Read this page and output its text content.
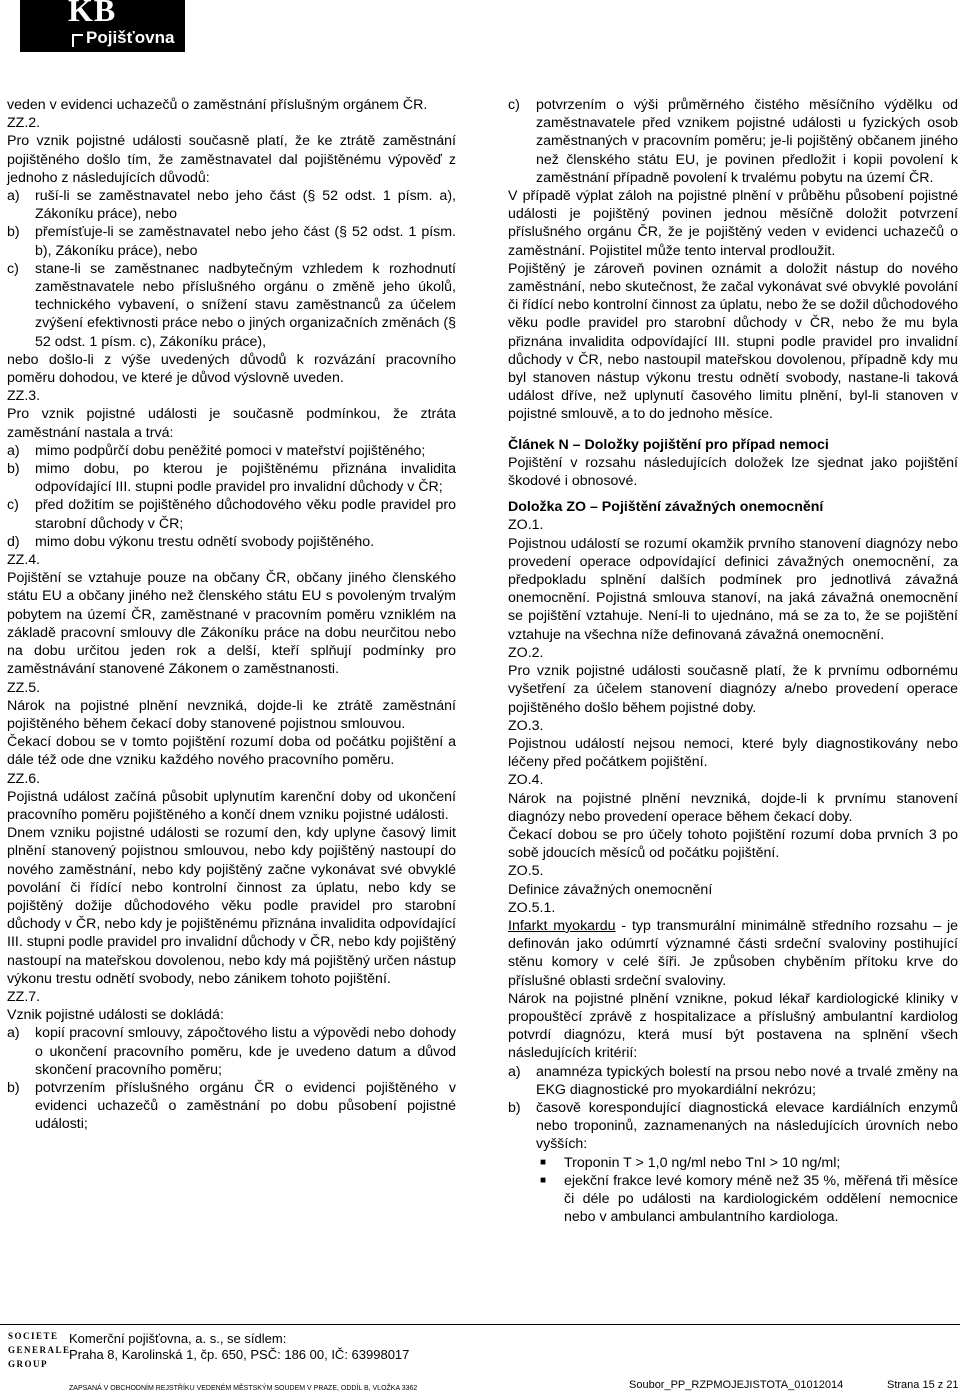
KB
Pojišťovna

veden v evidenci uchazečů o zaměstnání příslušným orgánem ČR.

ZZ.2.

Pro vznik pojistné události současně platí, že ke ztrátě zaměstnání pojištěného došlo tím, že zaměstnavatel dal pojištěnému výpověď z jednoho z následujících důvodů:

a)	ruší-li se zaměstnavatel nebo jeho část (§ 52 odst. 1 písm. a), Zákoníku práce), nebo
b)	přemísťuje-li se zaměstnavatel nebo jeho část (§ 52 odst. 1 písm. b), Zákoníku práce), nebo
c)	stane-li se zaměstnanec nadbytečným vzhledem k rozhodnutí zaměstnavatele nebo příslušného orgánu o změně jeho úkolů, technického vybavení, o snížení stavu zaměstnanců za účelem zvýšení efektivnosti práce nebo o jiných organizačních změnách (§ 52 odst. 1 písm. c), Zákoníku práce),

nebo došlo-li z výše uvedených důvodů k rozvázání pracovního poměru dohodou, ve které je důvod výslovně uveden.

ZZ.3.

Pro vznik pojistné události je současně podmínkou, že ztráta zaměstnání nastala a trvá:

a)	mimo podpůrčí dobu peněžité pomoci v mateřství pojištěného;
b)	mimo dobu, po kterou je pojištěnému přiznána invalidita odpovídající III. stupni podle pravidel pro invalidní důchody v ČR;
c)	před dožitím se pojištěného důchodového věku podle pravidel pro starobní důchody v ČR;
d)	mimo dobu výkonu trestu odnětí svobody pojištěného.

ZZ.4.

Pojištění se vztahuje pouze na občany ČR, občany jiného členského státu EU a občany jiného než členského státu EU s povoleným trvalým pobytem na území ČR, zaměstnané v pracovním poměru vzniklém na základě pracovní smlouvy dle Zákoníku práce na dobu neurčitou nebo na dobu určitou jeden rok a delší, kteří splňují podmínky pro zaměstnávání stanovené Zákonem o zaměstnanosti.

ZZ.5.

Nárok na pojistné plnění nevzniká, dojde-li ke ztrátě zaměstnání pojištěného během čekací doby stanovené pojistnou smlouvou.

Čekací dobou se v tomto pojištění rozumí doba od počátku pojištění a dále též ode dne vzniku každého nového pracovního poměru.

ZZ.6.

Pojistná událost začíná působit uplynutím karenční doby od ukončení pracovního poměru pojištěného a končí dnem vzniku pojistné události.

Dnem vzniku pojistné události se rozumí den, kdy uplyne časový limit plnění stanovený pojistnou smlouvou, nebo kdy pojištěný nastoupí do nového zaměstnání, nebo kdy pojištěný začne vykonávat své obvyklé povolání či řídící nebo kontrolní činnost za úplatu, nebo kdy se pojištěný dožije důchodového věku podle pravidel pro starobní důchody v ČR, nebo kdy je pojištěnému přiznána invalidita odpovídající III. stupni podle pravidel pro invalidní důchody v ČR, nebo kdy pojištěný nastoupí na mateřskou dovolenou, nebo kdy má pojištěný určen nástup výkonu trestu odnětí svobody, nebo zánikem tohoto pojištění.

ZZ.7.

Vznik pojistné události se dokládá:

a)	kopií pracovní smlouvy, zápočtového listu a výpovědi nebo dohody o ukončení pracovního poměru, kde je uvedeno datum a důvod skončení pracovního poměru;
b)	potvrzením příslušného orgánu ČR o evidenci pojištěného v evidenci uchazečů o zaměstnání po dobu působení pojistné události;
c)	potvrzením o výši průměrného čistého měsíčního výdělku od zaměstnavatele před vznikem pojistné události u fyzických osob zaměstnaných v pracovním poměru; je-li pojištěný občanem jiného než členského státu EU, je povinen předložit i kopii povolení k zaměstnání případně povolení k trvalému pobytu na území ČR.

V případě výplat záloh na pojistné plnění v průběhu působení pojistné události je pojištěný povinen jednou měsíčně doložit potvrzení příslušného orgánu ČR, že je pojištěný veden v evidenci uchazečů o zaměstnání. Pojistitel může tento interval prodloužit.

Pojištěný je zároveň povinen oznámit a doložit nástup do nového zaměstnání, nebo skutečnost, že začal vykonávat své obvyklé povolání či řídící nebo kontrolní činnost za úplatu, nebo že se dožil důchodového věku podle pravidel pro starobní důchody v ČR, nebo že mu byla přiznána invalidita odpovídající III. stupni podle pravidel pro invalidní důchody v ČR, nebo nastoupil mateřskou dovolenou, případně kdy mu byl stanoven nástup výkonu trestu odnětí svobody, nastane-li taková událost dříve, než uplynutí časového limitu plnění, byl-li stanoven v pojistné smlouvě, a to do jednoho měsíce.

Článek N – Doložky pojištění pro případ nemoci

Pojištění v rozsahu následujících doložek lze sjednat jako pojištění škodové i obnosové.

Doložka ZO – Pojištění závažných onemocnění

ZO.1.

Pojistnou událostí se rozumí okamžik prvního stanovení diagnózy nebo provedení operace odpovídající definici závažných onemocnění, za předpokladu splnění dalších podmínek pro jednotlivá závažná onemocnění. Pojistná smlouva stanoví, na jaká závažná onemocnění se pojištění vztahuje. Není-li to ujednáno, má se za to, že se pojištění vztahuje na všechna níže definovaná závažná onemocnění.

ZO.2.

Pro vznik pojistné události současně platí, že k prvnímu odbornému vyšetření za účelem stanovení diagnózy a/nebo provedení operace pojištěného došlo během pojistné doby.

ZO.3.

Pojistnou událostí nejsou nemoci, které byly diagnostikovány nebo léčeny před počátkem pojištění.

ZO.4.

Nárok na pojistné plnění nevzniká, dojde-li k prvnímu stanovení diagnózy nebo provedení operace během čekací doby.

Čekací dobou se pro účely tohoto pojištění rozumí doba prvních 3 po sobě jdoucích měsíců od počátku pojištění.

ZO.5.

Definice závažných onemocnění

ZO.5.1.

Infarkt myokardu - typ transmurální minimálně středního rozsahu – je definován jako odúmrtí významné části srdeční svaloviny postihující stěnu komory v celé šíři. Je způsoben chyběním přítoku krve do příslušné oblasti srdeční svaloviny.

Nárok na pojistné plnění vznikne, pokud lékař kardiologické kliniky v propouštěcí zprávě z hospitalizace a příslušný ambulantní kardiolog potvrdí diagnózu, která musí být postavena na splnění všech následujících kritérií:

a)	anamnéza typických bolestí na prsou nebo nové a trvalé změny na EKG diagnostické pro myokardiální nekrózu;
b)	časově korespondující diagnostická elevace kardiálních enzymů nebo troponinů, zaznamenaných na následujících úrovních nebo vyšších:
■	Troponin T > 1,0 ng/ml nebo TnI > 10 ng/ml;
■	ejekční frakce levé komory méně než 35 %, měřená tři měsíce či déle po události na kardiologickém oddělení nemocnice nebo v ambulanci ambulantního kardiologa.
SOCIETE
GENERALE
GROUP
Komerční pojišťovna, a. s., se sídlem:
Praha 8, Karolinská 1, čp. 650, PSČ: 186 00, IČ: 63998017
ZAPSANÁ V OBCHODNÍM REJSTŘÍKU VEDENÉM MĚSTSKÝM SOUDEM V PRAZE, ODDÍL B, VLOŽKA 3362	Soubor_PP_RZPMOJEJISTOTA_01012014	Strana 15 z 21
